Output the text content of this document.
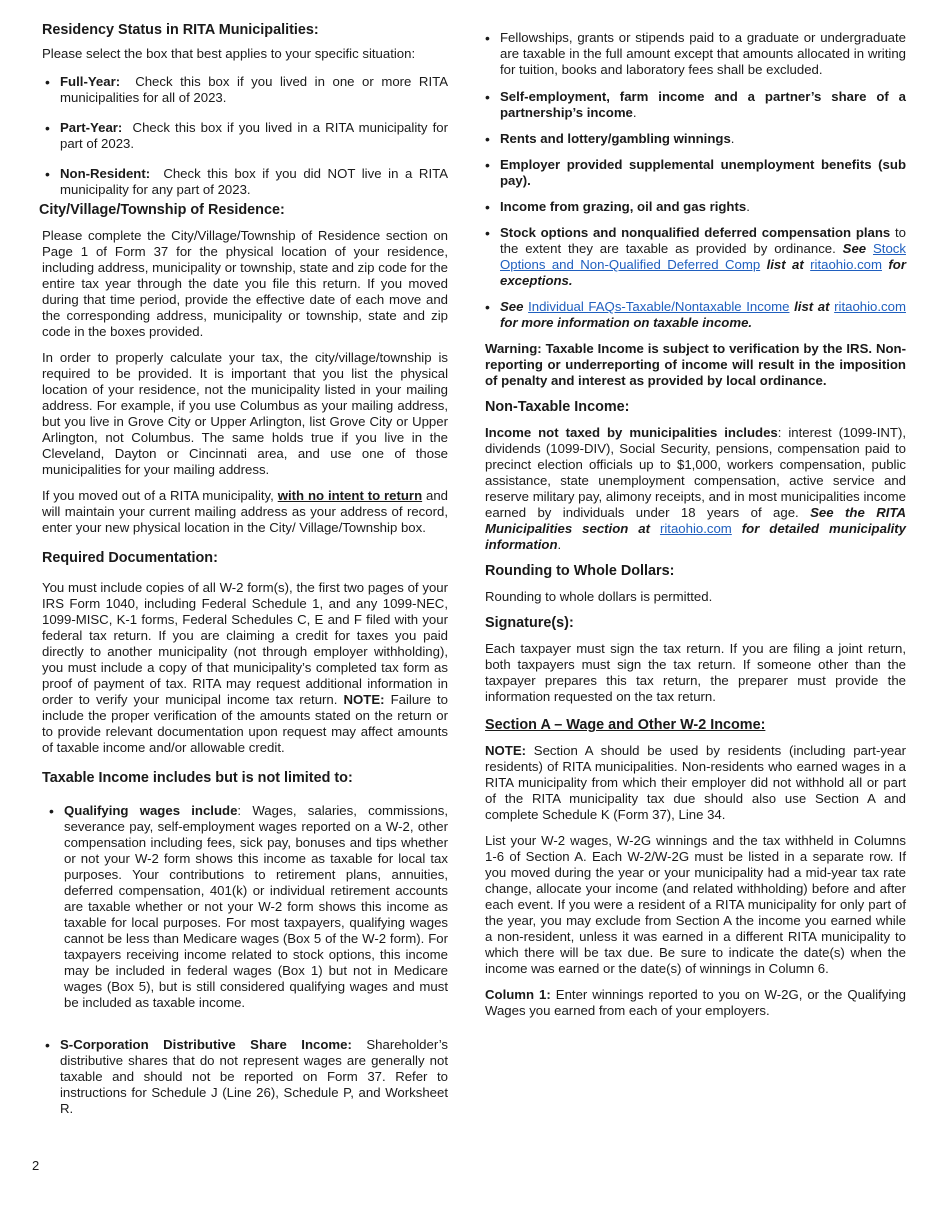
Residency Status in RITA Municipalities:

Please select the box that best applies to your specific situation:

• Full-Year: Check this box if you lived in one or more RITA municipalities for all of 2023.
• Part-Year: Check this box if you lived in a RITA municipality for part of 2023.
• Non-Resident: Check this box if you did NOT live in a RITA municipality for any part of 2023.
City/Village/Township of Residence:

Please complete the City/Village/Township of Residence section on Page 1 of Form 37 for the physical location of your residence, including address, municipality or township, state and zip code for the entire tax year through the date you file this return. If you moved during that time period, provide the effective date of each move and the corresponding address, municipality or township, state and zip code in the boxes provided.

In order to properly calculate your tax, the city/village/township is required to be provided. It is important that you list the physical location of your residence, not the municipality listed in your mailing address. For example, if you use Columbus as your mailing address, but you live in Grove City or Upper Arlington, list Grove City or Upper Arlington, not Columbus. The same holds true if you live in the Cleveland, Dayton or Cincinnati area, and use one of those municipalities for your mailing address.

If you moved out of a RITA municipality, with no intent to return and will maintain your current mailing address as your address of record, enter your new physical location in the City/ Village/Township box.

Required Documentation:

You must include copies of all W-2 form(s), the first two pages of your IRS Form 1040, including Federal Schedule 1, and any 1099-NEC, 1099-MISC, K-1 forms, Federal Schedules C, E and F filed with your federal tax return. If you are claiming a credit for taxes you paid directly to another municipality (not through employer withholding), you must include a copy of that municipality’s completed tax form as proof of payment of tax. RITA may request additional information in order to verify your municipal income tax return. NOTE: Failure to include the proper verification of the amounts stated on the return or to provide relevant documentation upon request may affect amounts of taxable income and/or allowable credit.

Taxable Income includes but is not limited to:
• Qualifying wages include: Wages, salaries, commissions, severance pay, self-employment wages reported on a W-2, other compensation including fees, sick pay, bonuses and tips whether or not your W-2 form shows this income as taxable for local tax purposes. Your contributions to retirement plans, annuities, deferred compensation, 401(k) or individual retirement accounts are taxable whether or not your W-2 form shows this income as taxable for local purposes. For most taxpayers, qualifying wages cannot be less than Medicare wages (Box 5 of the W-2 form). For taxpayers receiving income related to stock options, this income may be included in federal wages (Box 1) but not in Medicare wages (Box 5), but is still considered qualifying wages and must be included as taxable income.
• S-Corporation Distributive Share Income: Shareholder’s distributive shares that do not represent wages are generally not taxable and should not be reported on Form 37. Refer to instructions for Schedule J (Line 26), Schedule P, and Worksheet R.
• Fellowships, grants or stipends paid to a graduate or undergraduate are taxable in the full amount except that amounts allocated in writing for tuition, books and laboratory fees shall be excluded.
• Self-employment, farm income and a partner’s share of a partnership’s income.
• Rents and lottery/gambling winnings.
• Employer provided supplemental unemployment benefits (sub pay).
• Income from grazing, oil and gas rights.
• Stock options and nonqualified deferred compensation plans to the extent they are taxable as provided by ordinance. See Stock Options and Non-Qualified Deferred Comp list at ritaohio.com for exceptions.
• See Individual FAQs-Taxable/Nontaxable Income list at ritaohio.com for more information on taxable income.

Warning: Taxable Income is subject to verification by the IRS. Non-reporting or underreporting of income will result in the imposition of penalty and interest as provided by local ordinance.

Non-Taxable Income:

Income not taxed by municipalities includes: interest (1099-INT), dividends (1099-DIV), Social Security, pensions, compensation paid to precinct election officials up to $1,000, workers compensation, public assistance, state unemployment compensation, active service and reserve military pay, alimony receipts, and in most municipalities income earned by individuals under 18 years of age. See the RITA Municipalities section at ritaohio.com for detailed municipality information.

Rounding to Whole Dollars:

Rounding to whole dollars is permitted.

Signature(s):

Each taxpayer must sign the tax return. If you are filing a joint return, both taxpayers must sign the tax return. If someone other than the taxpayer prepares this tax return, the preparer must provide the information requested on the tax return.

Section A – Wage and Other W-2 Income:

NOTE: Section A should be used by residents (including part-year residents) of RITA municipalities. Non-residents who earned wages in a RITA municipality from which their employer did not withhold all or part of the RITA municipality tax due should also use Section A and complete Schedule K (Form 37), Line 34.

List your W-2 wages, W-2G winnings and the tax withheld in Columns 1-6 of Section A. Each W-2/W-2G must be listed in a separate row. If you moved during the year or your municipality had a mid-year tax rate change, allocate your income (and related withholding) before and after each event. If you were a resident of a RITA municipality for only part of the year, you may exclude from Section A the income you earned while a non-resident, unless it was earned in a different RITA municipality to which there will be tax due. Be sure to indicate the date(s) when the income was earned or the date(s) of winnings in Column 6.

Column 1: Enter winnings reported to you on W-2G, or the Qualifying Wages you earned from each of your employers.

2
